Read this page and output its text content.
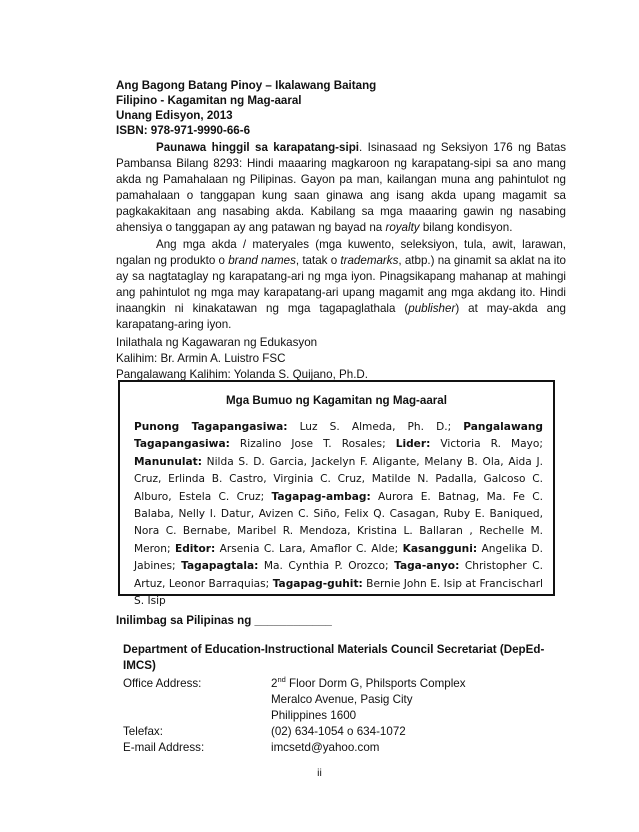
Ang Bagong Batang Pinoy – Ikalawang Baitang
Filipino - Kagamitan ng Mag-aaral
Unang Edisyon, 2013
ISBN: 978-971-9990-66-6

Paunawa hinggil sa karapatang-sipi. Isinasaad ng Seksiyon 176 ng Batas Pambansa Bilang 8293: Hindi maaaring magkaroon ng karapatang-sipi sa ano mang akda ng Pamahalaan ng Pilipinas. Gayon pa man, kailangan muna ang pahintulot ng pamahalaan o tanggapan kung saan ginawa ang isang akda upang magamit sa pagkakakitaan ang nasabing akda. Kabilang sa mga maaaring gawin ng nasabing ahensiya o tanggapan ay ang patawan ng bayad na royalty bilang kondisyon.

Ang mga akda / materyales (mga kuwento, seleksiyon, tula, awit, larawan, ngalan ng produkto o brand names, tatak o trademarks, atbp.) na ginamit sa aklat na ito ay sa nagtataglay ng karapatang-ari ng mga iyon. Pinagsikapang mahanap at mahingi ang pahintulot ng mga may karapatang-ari upang magamit ang mga akdang ito. Hindi inaangkin ni kinakatawan ng mga tagapaglathala (publisher) at may-akda ang karapatang-aring iyon.

Inilathala ng Kagawaran ng Edukasyon
Kalihim: Br. Armin A. Luistro FSC
Pangalawang Kalihim: Yolanda S. Quijano, Ph.D.
Mga Bumuo ng Kagamitan ng Mag-aaral
Punong Tagapangasiwa: Luz S. Almeda, Ph. D.; Pangalawang Tagapangasiwa: Rizalino Jose T. Rosales; Lider: Victoria R. Mayo; Manunulat: Nilda S. D. Garcia, Jackelyn F. Aligante, Melany B. Ola, Aida J. Cruz, Erlinda B. Castro, Virginia C. Cruz, Matilde N. Padalla, Galcoso C. Alburo, Estela C. Cruz; Tagapag-ambag: Aurora E. Batnag, Ma. Fe C. Balaba, Nelly I. Datur, Avizen C. Siño, Felix Q. Casagan, Ruby E. Baniqued, Nora C. Bernabe, Maribel R. Mendoza, Kristina L. Ballaran , Rechelle M. Meron; Editor: Arsenia C. Lara, Amaflor C. Alde; Kasangguni: Angelika D. Jabines; Tagapagtala: Ma. Cynthia P. Orozco; Taga-anyo: Christopher C. Artuz, Leonor Barraquias; Tagapag-guhit: Bernie John E. Isip at Francischarl S. Isip
Inilimbag sa Pilipinas ng ____________
Department of Education-Instructional Materials Council Secretariat (DepEd-IMCS)
Office Address:	2nd Floor Dorm G, Philsports Complex
Meralco Avenue, Pasig City
Philippines 1600
Telefax:	(02) 634-1054 o 634-1072
E-mail Address:	imcsetd@yahoo.com
ii
